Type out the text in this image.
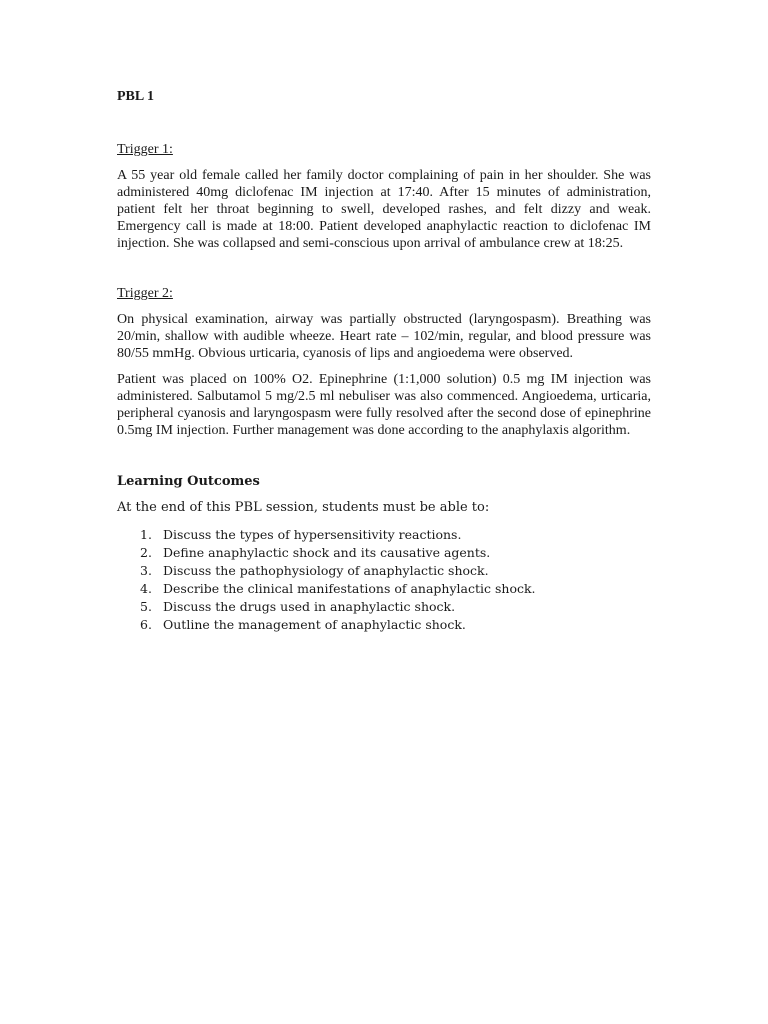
PBL 1

Trigger 1:

A 55 year old female called her family doctor complaining of pain in her shoulder. She was administered 40mg diclofenac IM injection at 17:40. After 15 minutes of administration, patient felt her throat beginning to swell, developed rashes, and felt dizzy and weak. Emergency call is made at 18:00. Patient developed anaphylactic reaction to diclofenac IM injection. She was collapsed and semi-conscious upon arrival of ambulance crew at 18:25.

Trigger 2:

On physical examination, airway was partially obstructed (laryngospasm). Breathing was 20/min, shallow with audible wheeze. Heart rate – 102/min, regular, and blood pressure was 80/55 mmHg. Obvious urticaria, cyanosis of lips and angioedema were observed.

Patient was placed on 100% O2. Epinephrine (1:1,000 solution) 0.5 mg IM injection was administered. Salbutamol 5 mg/2.5 ml nebuliser was also commenced. Angioedema, urticaria, peripheral cyanosis and laryngospasm were fully resolved after the second dose of epinephrine 0.5mg IM injection. Further management was done according to the anaphylaxis algorithm.

Learning Outcomes

At the end of this PBL session, students must be able to:

1. Discuss the types of hypersensitivity reactions.
2. Define anaphylactic shock and its causative agents.
3. Discuss the pathophysiology of anaphylactic shock.
4. Describe the clinical manifestations of anaphylactic shock.
5. Discuss the drugs used in anaphylactic shock.
6. Outline the management of anaphylactic shock.
